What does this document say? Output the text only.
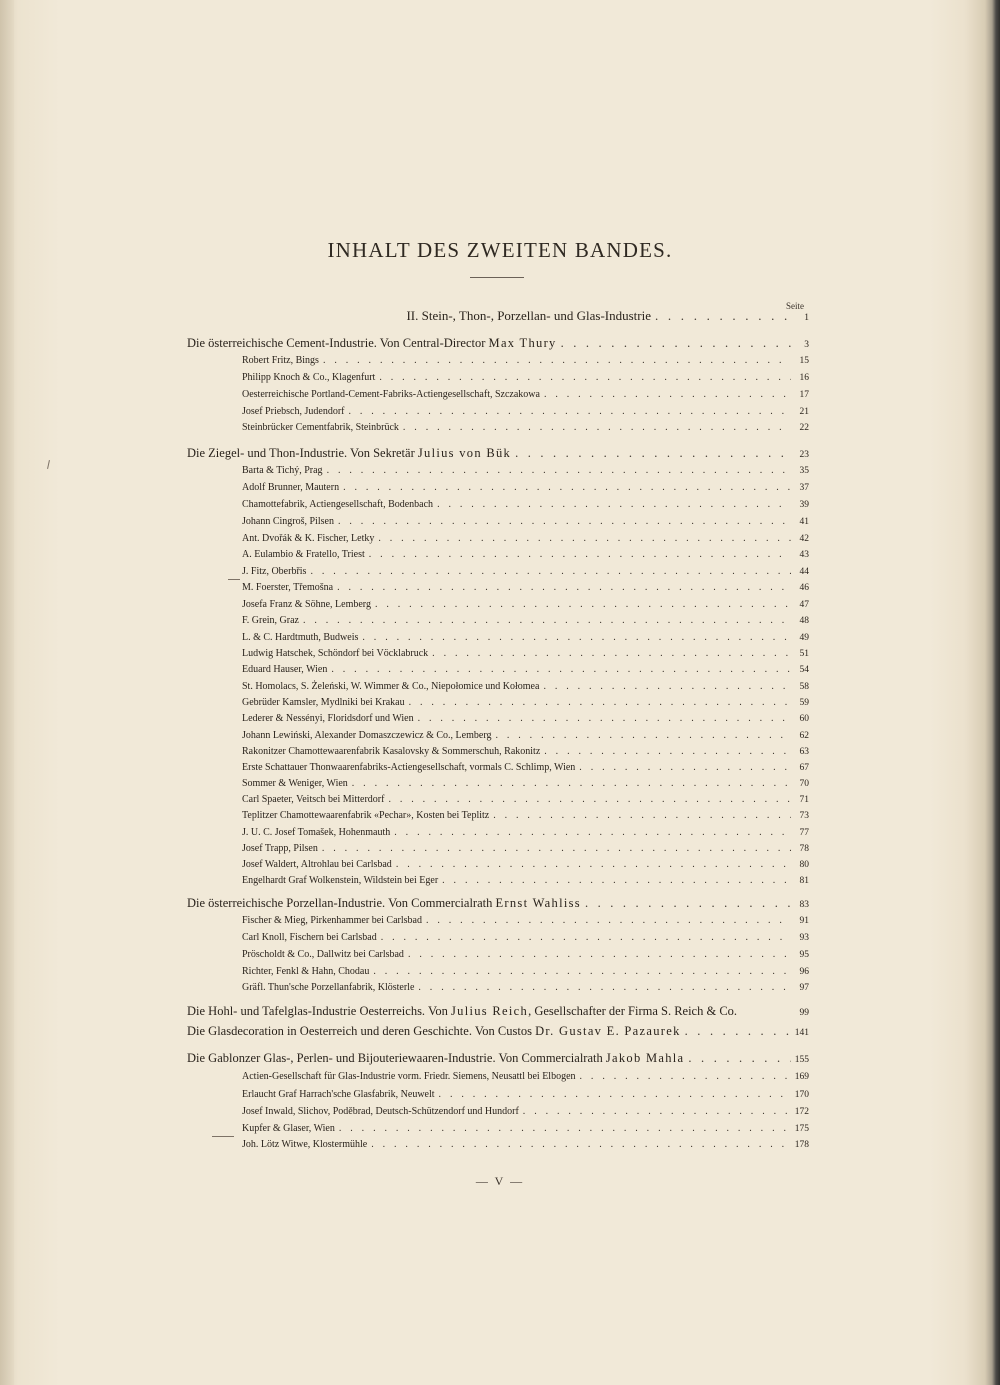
INHALT DES ZWEITEN BANDES.
Seite
II. Stein-, Thon-, Porzellan- und Glas-Industrie . . .	1
Die österreichische Cement-Industrie. Von Central-Director Max Thury . . .	3
Robert Fritz, Bings . . .	15
Philipp Knoch & Co., Klagenfurt . . .	16
Oesterreichische Portland-Cement-Fabriks-Actiengesellschaft, Szczakowa . . .	17
Josef Priebsch, Judendorf . . .	21
Steinbrücker Cementfabrik, Steinbrück . . .	22
Die Ziegel- und Thon-Industrie. Von Sekretär Julius von Bük . . .	23
Barta & Tichý, Prag . . .	35
Adolf Brunner, Mautern . . .	37
Chamottefabrik, Actiengesellschaft, Bodenbach . . .	39
Johann Cingroš, Pilsen . . .	41
Ant. Dvořák & K. Fischer, Letky . . .	42
A. Eulambio & Fratello, Triest . . .	43
J. Fitz, Oberbřis . . .	44
M. Foerster, Třemošna . . .	46
Josefa Franz & Söhne, Lemberg . . .	47
F. Grein, Graz . . .	48
L. & C. Hardtmuth, Budweis . . .	49
Ludwig Hatschek, Schöndorf bei Vöcklabruck . . .	51
Eduard Hauser, Wien . . .	54
St. Homolacs, S. Żeleński, W. Wimmer & Co., Niepołomice und Kołomea . . .	58
Gebrüder Kamsler, Mydlniki bei Krakau . . .	59
Lederer & Nessényi, Floridsdorf und Wien . . .	60
Johann Lewiński, Alexander Domaszczewicz & Co., Lemberg . . .	62
Rakonitzer Chamottewaarenfabrik Kasalovsky & Sommerschuh, Rakonitz . . .	63
Erste Schattauer Thonwaarenfabriks-Actiengesellschaft, vormals C. Schlimp, Wien . . .	67
Sommer & Weniger, Wien . . .	70
Carl Spaeter, Veitsch bei Mitterdorf . . .	71
Teplitzer Chamottewaarenfabrik «Pechar», Kosten bei Teplitz . . .	73
J. U. C. Josef Tomašek, Hohenmauth . . .	77
Josef Trapp, Pilsen . . .	78
Josef Waldert, Altrohlau bei Carlsbad . . .	80
Engelhardt Graf Wolkenstein, Wildstein bei Eger . . .	81
Die österreichische Porzellan-Industrie. Von Commercialrath Ernst Wahliss . . .	83
Fischer & Mieg, Pirkenhammer bei Carlsbad . . .	91
Carl Knoll, Fischern bei Carlsbad . . .	93
Pröscholdt & Co., Dallwitz bei Carlsbad . . .	95
Richter, Fenkl & Hahn, Chodau . . .	96
Gräfl. Thun'sche Porzellanfabrik, Klösterle . . .	97
Die Hohl- und Tafelglas-Industrie Oesterreichs. Von Julius Reich, Gesellschafter der Firma S. Reich & Co.	99
Die Glasdecoration in Oesterreich und deren Geschichte. Von Custos Dr. Gustav E. Pazaurek . . .	141
Die Gablonzer Glas-, Perlen- und Bijouteriewaaren-Industrie. Von Commercialrath Jakob Mahla . . .	155
Actien-Gesellschaft für Glas-Industrie vorm. Friedr. Siemens, Neusattl bei Elbogen . . .	169
Erlaucht Graf Harrach'sche Glasfabrik, Neuwelt . . .	170
Josef Inwald, Slichov, Poděbrad, Deutsch-Schützendorf und Hundorf . . .	172
Kupfer & Glaser, Wien . . .	175
Joh. Lötz Witwe, Klostermühle . . .	178
— V —
